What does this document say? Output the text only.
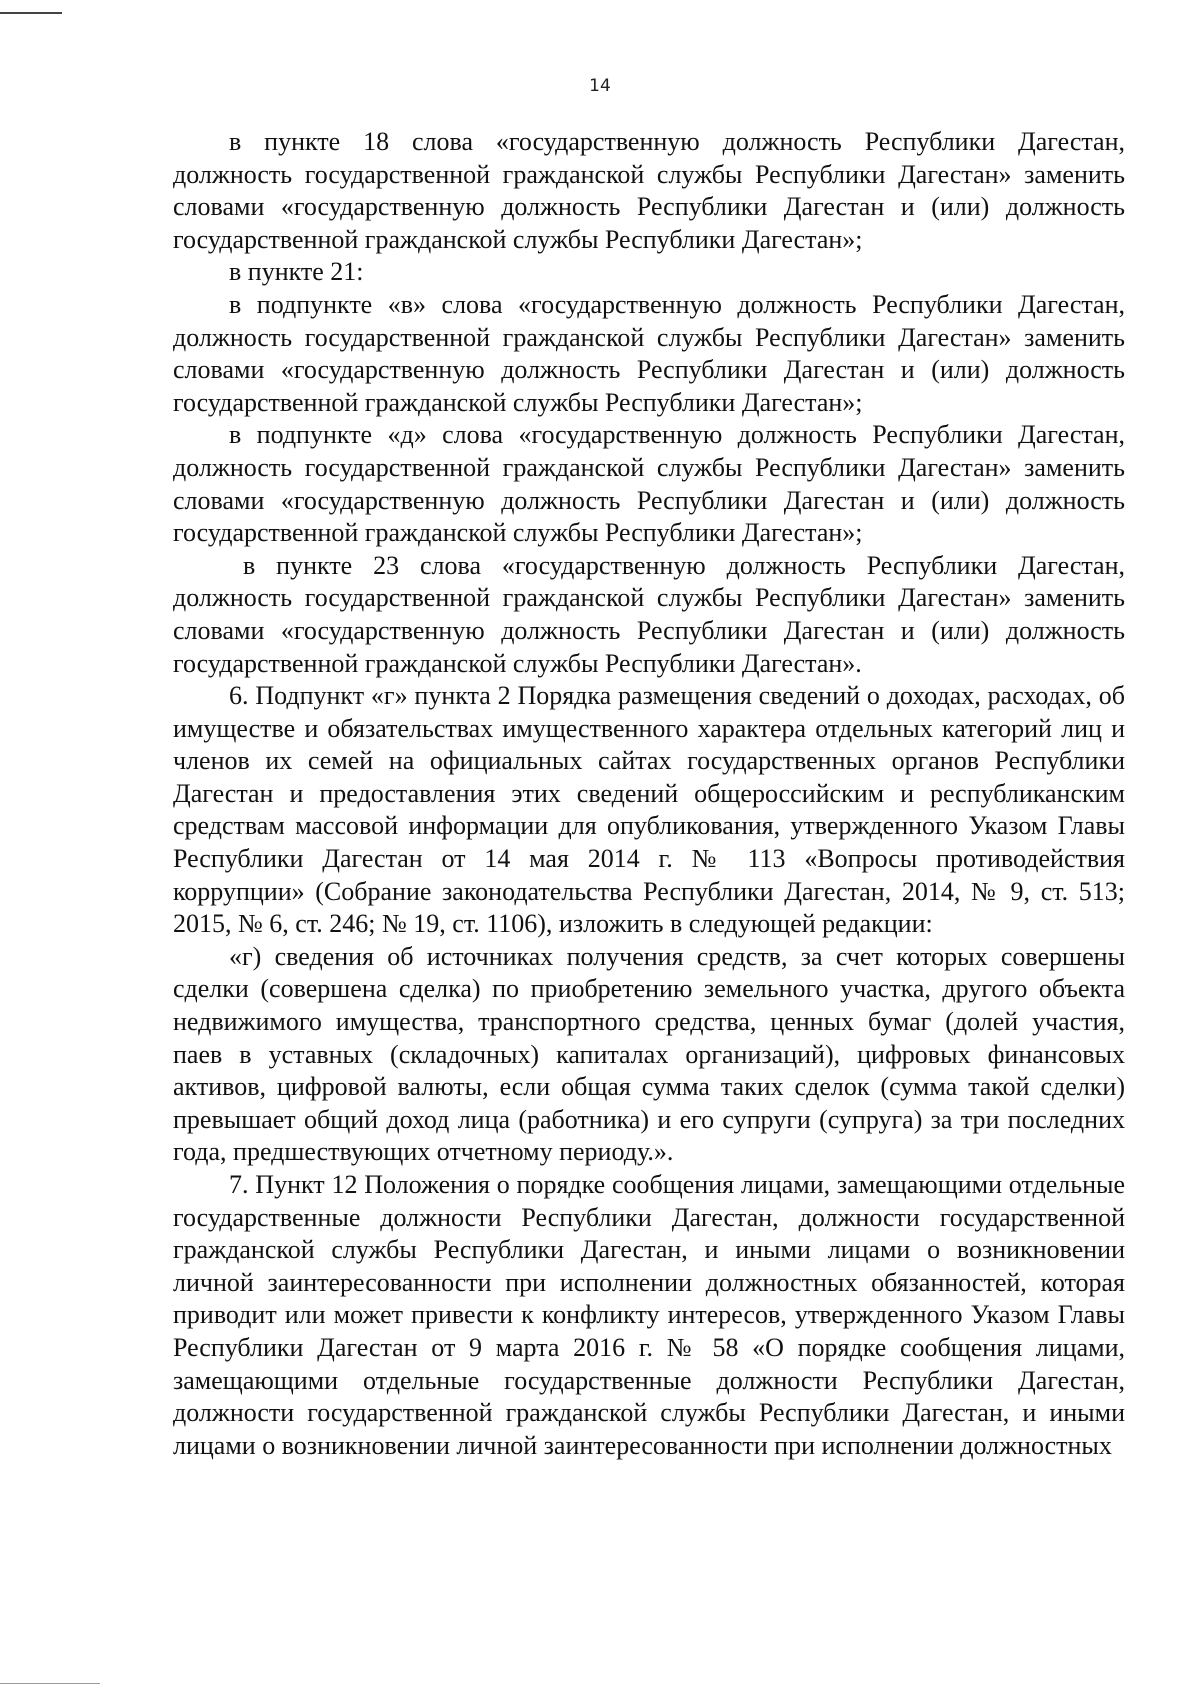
14

в пункте 18 слова «государственную должность Республики Дагестан, должность государственной гражданской службы Республики Дагестан» заменить словами «государственную должность Республики Дагестан и (или) должность государственной гражданской службы Республики Дагестан»;

в пункте 21:

в подпункте «в» слова «государственную должность Республики Дагестан, должность государственной гражданской службы Республики Дагестан» заменить словами «государственную должность Республики Дагестан и (или) должность государственной гражданской службы Республики Дагестан»;

в подпункте «д» слова «государственную должность Республики Дагестан, должность государственной гражданской службы Республики Дагестан» заменить словами «государственную должность Республики Дагестан и (или) должность государственной гражданской службы Республики Дагестан»;

в пункте 23 слова «государственную должность Республики Дагестан, должность государственной гражданской службы Республики Дагестан» заменить словами «государственную должность Республики Дагестан и (или) должность государственной гражданской службы Республики Дагестан».

6. Подпункт «г» пункта 2 Порядка размещения сведений о доходах, расходах, об имуществе и обязательствах имущественного характера отдельных категорий лиц и членов их семей на официальных сайтах государственных органов Республики Дагестан и предоставления этих сведений общероссийским и республиканским средствам массовой информации для опубликования, утвержденного Указом Главы Республики Дагестан от 14 мая 2014 г. № 113 «Вопросы противодействия коррупции» (Собрание законодательства Республики Дагестан, 2014, № 9, ст. 513; 2015, № 6, ст. 246; № 19, ст. 1106), изложить в следующей редакции:

«г) сведения об источниках получения средств, за счет которых совершены сделки (совершена сделка) по приобретению земельного участка, другого объекта недвижимого имущества, транспортного средства, ценных бумаг (долей участия, паев в уставных (складочных) капиталах организаций), цифровых финансовых активов, цифровой валюты, если общая сумма таких сделок (сумма такой сделки) превышает общий доход лица (работника) и его супруги (супруга) за три последних года, предшествующих отчетному периоду.».

7. Пункт 12 Положения о порядке сообщения лицами, замещающими отдельные государственные должности Республики Дагестан, должности государственной гражданской службы Республики Дагестан, и иными лицами о возникновении личной заинтересованности при исполнении должностных обязанностей, которая приводит или может привести к конфликту интересов, утвержденного Указом Главы Республики Дагестан от 9 марта 2016 г. № 58 «О порядке сообщения лицами, замещающими отдельные государственные должности Республики Дагестан, должности государственной гражданской службы Республики Дагестан, и иными лицами о возникновении личной заинтересованности при исполнении должностных
